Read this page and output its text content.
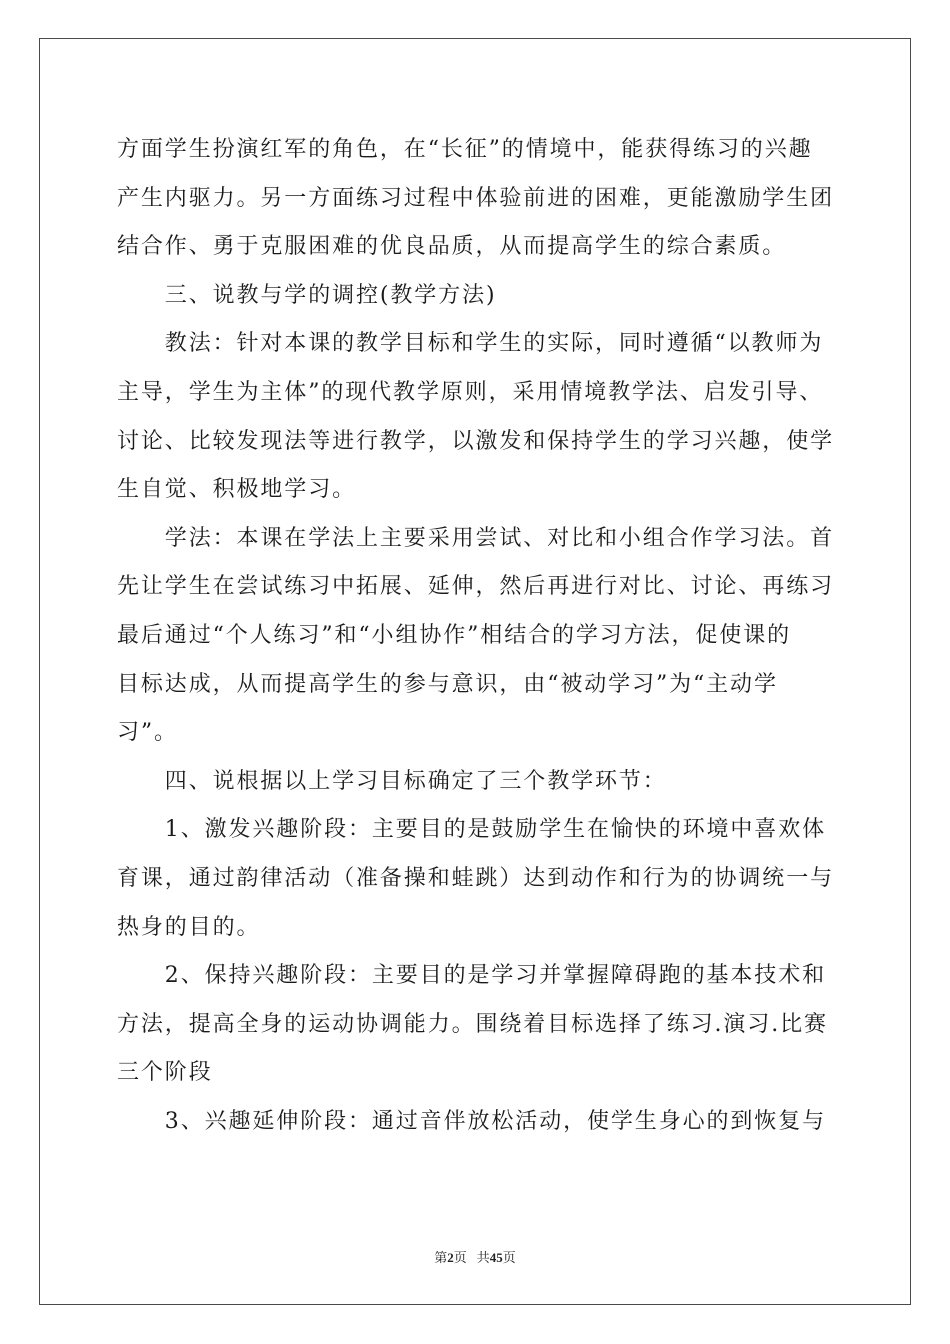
方面学生扮演红军的角色，在“长征”的情境中，能获得练习的兴趣

产生内驱力。另一方面练习过程中体验前进的困难，更能激励学生团

结合作、勇于克服困难的优良品质，从而提高学生的综合素质。

　　三、说教与学的调控(教学方法)

　　教法：针对本课的教学目标和学生的实际，同时遵循“以教师为

主导，学生为主体”的现代教学原则，采用情境教学法、启发引导、

讨论、比较发现法等进行教学，以激发和保持学生的学习兴趣，使学

生自觉、积极地学习。

　　学法：本课在学法上主要采用尝试、对比和小组合作学习法。首

先让学生在尝试练习中拓展、延伸，然后再进行对比、讨论、再练习

最后通过“个人练习”和“小组协作”相结合的学习方法，促使课的

目标达成，从而提高学生的参与意识，由“被动学习”为“主动学

习”。

　　四、说根据以上学习目标确定了三个教学环节：

　　1、激发兴趣阶段：主要目的是鼓励学生在愉快的环境中喜欢体

育课，通过韵律活动（准备操和蛙跳）达到动作和行为的协调统一与

热身的目的。

　　2、保持兴趣阶段：主要目的是学习并掌握障碍跑的基本技术和

方法，提高全身的运动协调能力。围绕着目标选择了练习.演习.比赛

三个阶段

　　3、兴趣延伸阶段：通过音伴放松活动，使学生身心的到恢复与

第2页 共45页
